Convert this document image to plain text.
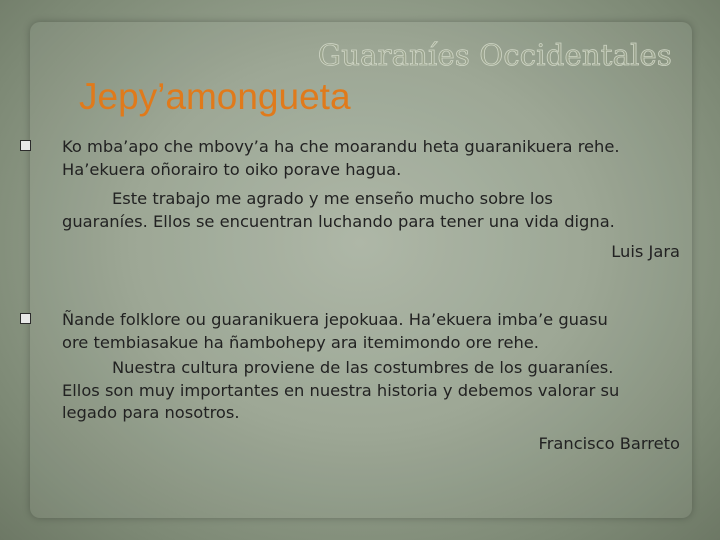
Guaraníes Occidentales
Jepy’amongueta
Ko mba’apo che mbovy’a ha che moarandu heta guaranikuera rehe.
Ha’ekuera oñorairo to oiko porave hagua.
Este trabajo me agrado y me enseño mucho sobre los
guaraníes. Ellos se encuentran luchando para tener una vida digna.
Luis Jara
Ñande folklore ou guaranikuera jepokuaa. Ha’ekuera imba’e guasu
ore tembiasakue ha ñambohepy ara itemimondo ore rehe.
Nuestra cultura proviene de las costumbres de los guaraníes.
Ellos son muy importantes en nuestra historia y debemos valorar su
legado para nosotros.
Francisco Barreto
